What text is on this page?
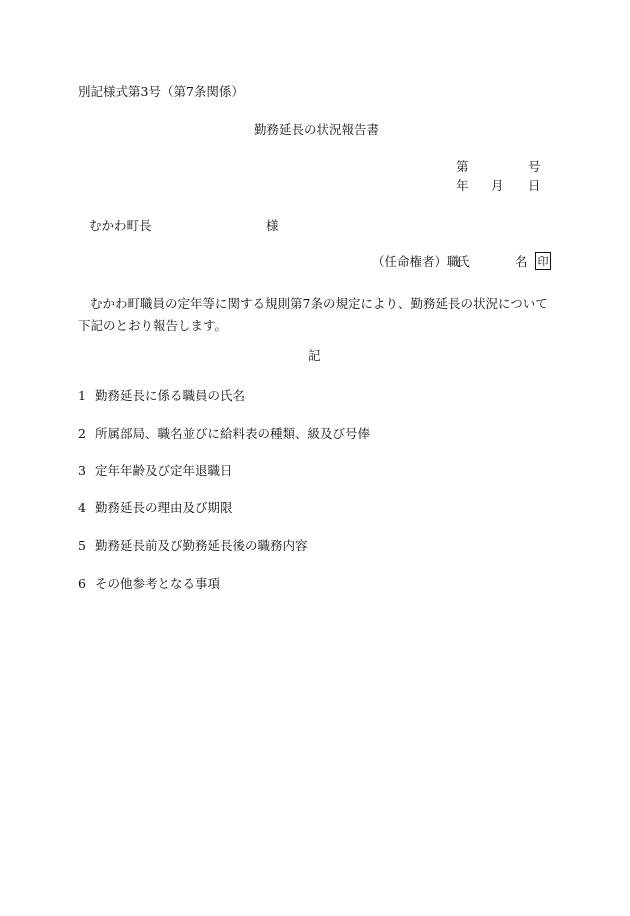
別記様式第3号（第7条関係）
勤務延長の状況報告書
第	号
年 月 日
むかわ町長	様
（任命権者）職
氏	名 印
むかわ町職員の定年等に関する規則第7条の規定により、勤務延長の状況について下記のとおり報告します。
記
1 勤務延長に係る職員の氏名
2 所属部局、職名並びに給料表の種類、級及び号俸
3 定年年齢及び定年退職日
4 勤務延長の理由及び期限
5 勤務延長前及び勤務延長後の職務内容
6 その他参考となる事項
